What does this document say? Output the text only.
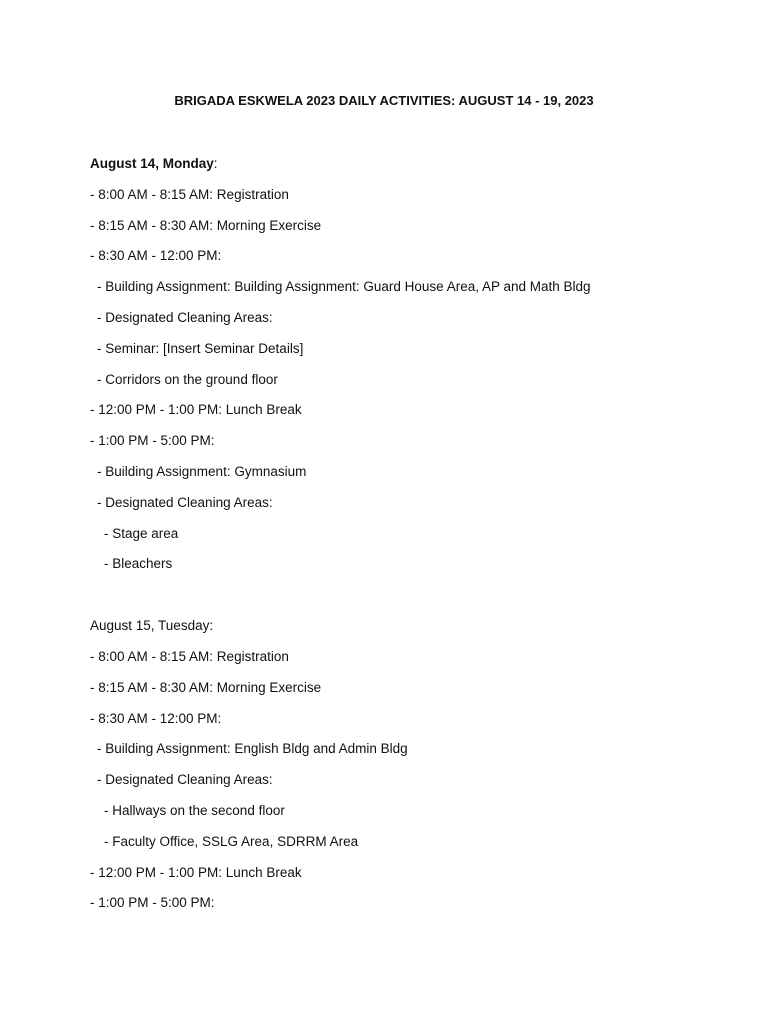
BRIGADA ESKWELA 2023 DAILY ACTIVITIES: AUGUST 14 - 19, 2023
August 14, Monday:
- 8:00 AM - 8:15 AM: Registration
- 8:15 AM - 8:30 AM: Morning Exercise
- 8:30 AM - 12:00 PM:
- Building Assignment: Building Assignment: Guard House Area, AP and Math Bldg
- Designated Cleaning Areas:
- Seminar: [Insert Seminar Details]
- Corridors on the ground floor
- 12:00 PM - 1:00 PM: Lunch Break
- 1:00 PM - 5:00 PM:
- Building Assignment: Gymnasium
- Designated Cleaning Areas:
- Stage area
- Bleachers
August 15, Tuesday:
- 8:00 AM - 8:15 AM: Registration
- 8:15 AM - 8:30 AM: Morning Exercise
- 8:30 AM - 12:00 PM:
- Building Assignment: English Bldg and Admin Bldg
- Designated Cleaning Areas:
- Hallways on the second floor
- Faculty Office, SSLG Area, SDRRM Area
- 12:00 PM - 1:00 PM: Lunch Break
- 1:00 PM - 5:00 PM:
